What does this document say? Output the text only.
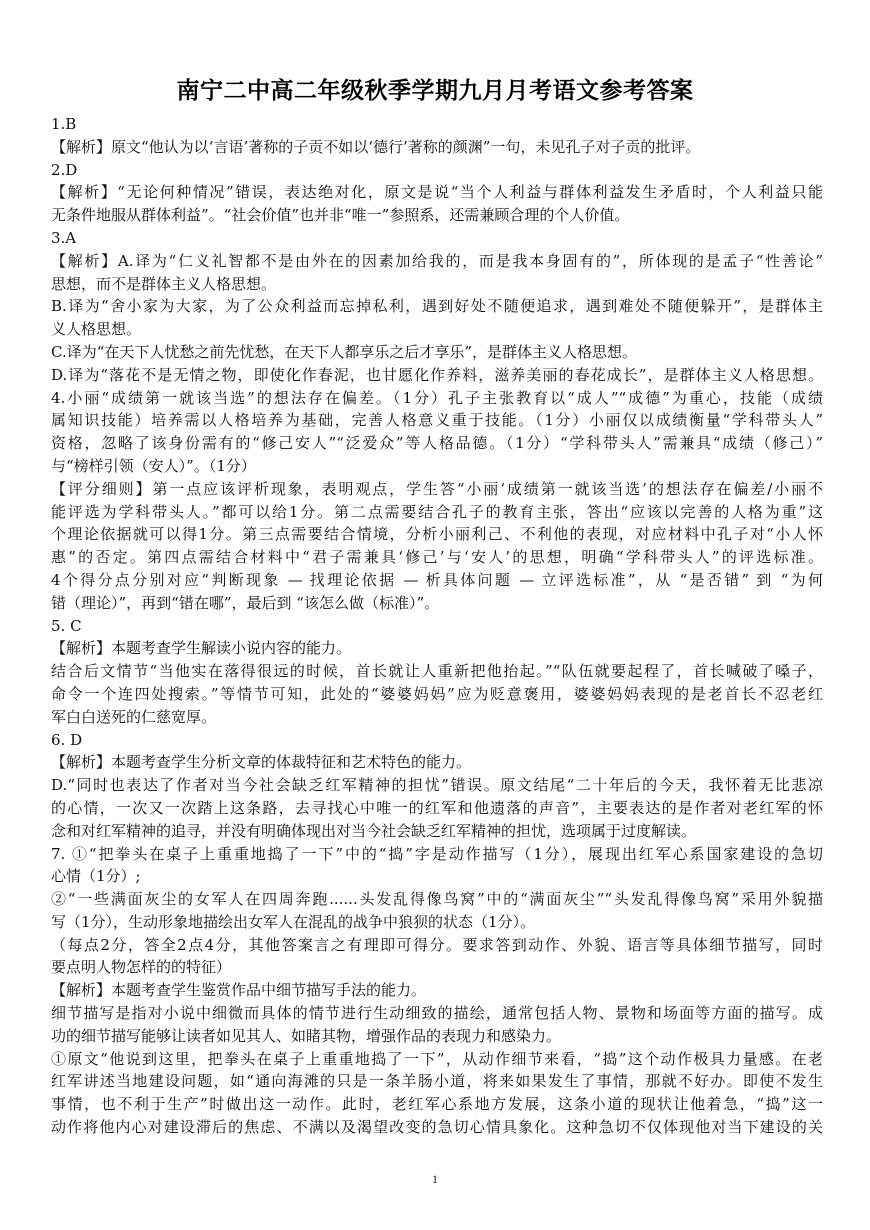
南宁二中高二年级秋季学期九月月考语文参考答案
1.B
【解析】原文“他认为以‘言语’著称的子贡不如以‘德行’著称的颜渊”一句，未见孔子对子贡的批评。
2.D
【解析】“无论何种情况”错误，表达绝对化，原文是说“当个人利益与群体利益发生矛盾时，个人利益只能
无条件地服从群体利益”。“社会价值”也并非“唯一”参照系，还需兼顾合理的个人价值。
3.A
【解析】A.译为“仁义礼智都不是由外在的因素加给我的，而是我本身固有的”，所体现的是孟子“性善论”
思想，而不是群体主义人格思想。
B.译为“舍小家为大家，为了公众利益而忘掉私利，遇到好处不随便追求，遇到难处不随便躲开”，是群体主
义人格思想。
C.译为“在天下人忧愁之前先忧愁，在天下人都享乐之后才享乐”，是群体主义人格思想。
D.译为“落花不是无情之物，即使化作春泥，也甘愿化作养料，滋养美丽的春花成长”，是群体主义人格思想。
4.小丽“成绩第一就该当选”的想法存在偏差。（1分）孔子主张教育以“成人”“成德”为重心，技能（成绩
属知识技能）培养需以人格培养为基础，完善人格意义重于技能。（1分）小丽仅以成绩衡量“学科带头人”
资格，忽略了该身份需有的“修己安人”“泛爱众”等人格品德。（1分）“学科带头人”需兼具“成绩（修己）”
与“榜样引领（安人）”。（1分）
【评分细则】第一点应该评析现象，表明观点，学生答“小丽‘成绩第一就该当选’的想法存在偏差/小丽不
能评选为学科带头人。”都可以给1分。第二点需要结合孔子的教育主张，答出“应该以完善的人格为重”这
个理论依据就可以得1分。第三点需要结合情境，分析小丽利己、不利他的表现，对应材料中孔子对“小人怀
惠”的否定。第四点需结合材料中“君子需兼具‘修己’与‘安人’的思想，明确“学科带头人”的评选标准。
4个得分点分别对应“判断现象 — 找理论依据 — 析具体问题 — 立评选标准”，从 “是否错” 到 “为何
错（理论）”，再到“错在哪”，最后到 “该怎么做（标准）”。
5. C
【解析】本题考查学生解读小说内容的能力。
结合后文情节“当他实在落得很远的时候，首长就让人重新把他抬起。”“队伍就要起程了，首长喊破了嗓子，
命令一个连四处搜索。”等情节可知，此处的“婆婆妈妈”应为贬意褒用，婆婆妈妈表现的是老首长不忍老红
军白白送死的仁慈宽厚。
6. D
【解析】本题考查学生分析文章的体裁特征和艺术特色的能力。
D.“同时也表达了作者对当今社会缺乏红军精神的担忧”错误。原文结尾“二十年后的今天，我怀着无比悲凉
的心情，一次又一次踏上这条路，去寻找心中唯一的红军和他遗落的声音”，主要表达的是作者对老红军的怀
念和对红军精神的追寻，并没有明确体现出对当今社会缺乏红军精神的担忧，选项属于过度解读。
7. ①“把拳头在桌子上重重地捣了一下”中的“捣”字是动作描写（1分），展现出红军心系国家建设的急切
心情（1分）;
②“一些满面灰尘的女军人在四周奔跑......头发乱得像鸟窝”中的“满面灰尘”“头发乱得像鸟窝”采用外貌描
写（1分），生动形象地描绘出女军人在混乱的战争中狼狈的状态（1分）。
（每点2分，答全2点4分，其他答案言之有理即可得分。要求答到动作、外貌、语言等具体细节描写，同时
要点明人物怎样的的特征）
【解析】本题考查学生鉴赏作品中细节描写手法的能力。
细节描写是指对小说中细微而具体的情节进行生动细致的描绘，通常包括人物、景物和场面等方面的描写。成
功的细节描写能够让读者如见其人、如睹其物，增强作品的表现力和感染力。
①原文“他说到这里，把拳头在桌子上重重地捣了一下”，从动作细节来看，“捣”这个动作极具力量感。在老
红军讲述当地建设问题，如“通向海滩的只是一条羊肠小道，将来如果发生了事情，那就不好办。即使不发生
事情，也不利于生产”时做出这一动作。此时，老红军心系地方发展，这条小道的现状让他着急，“捣”这一
动作将他内心对建设滞后的焦虑、不满以及渴望改变的急切心情具象化。这种急切不仅体现他对当下建设的关
1
